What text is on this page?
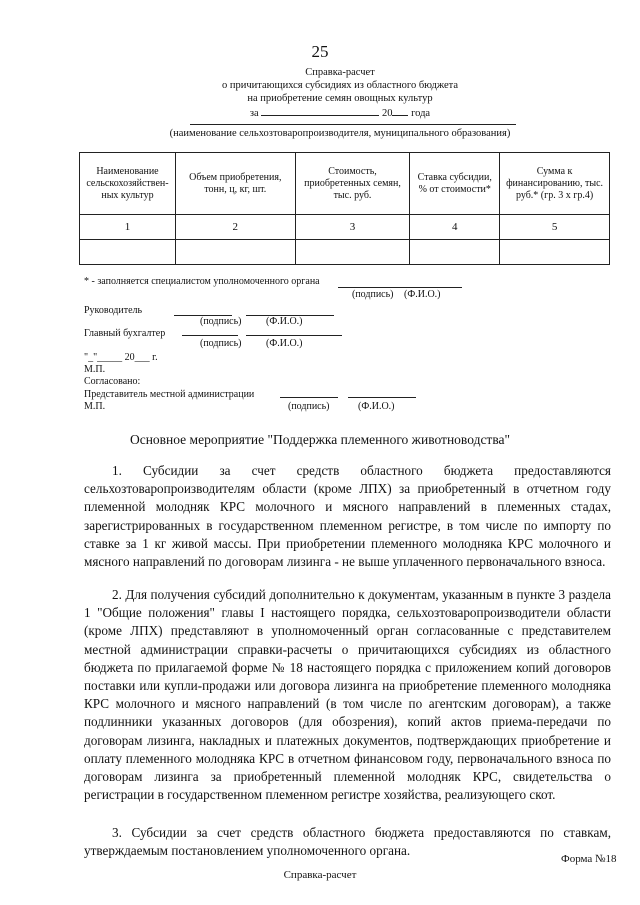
25
Справка-расчет
о причитающихся субсидиях из областного бюджета
на приобретение семян овощных культур
за	20 года
(наименование сельхозтоваропроизводителя, муниципального образования)
Наименование сельскохозяйствен-ных культур	Объем приобретения, тонн, ц, кг, шт.	Стоимость, приобретенных семян, тыс. руб.	Ставка субсидии, % от стоимости*	Сумма к финансированию, тыс. руб.* (гр. 3 х гр.4)
1	2	3	4	5

* - заполняется специалистом уполномоченного органа
(подпись) (Ф.И.О.)
Руководитель
(подпись) (Ф.И.О.)
Главный бухгалтер
(подпись) (Ф.И.О.)
"_"_____ 20___ г.
М.П.
Согласовано:
Представитель местной администрации
М.П.	(подпись)	(Ф.И.О.)
Основное мероприятие "Поддержка племенного животноводства"

1. Субсидии за счет средств областного бюджета предоставляются сельхозтоваропроизводителям области (кроме ЛПХ) за приобретенный в отчетном году племенной молодняк КРС молочного и мясного направлений в племенных стадах, зарегистрированных в государственном племенном регистре, в том числе по импорту по ставке за 1 кг живой массы. При приобретении племенного молодняка КРС молочного и мясного направлений по договорам лизинга - не выше уплаченного первоначального взноса.

2. Для получения субсидий дополнительно к документам, указанным в пункте 3 раздела 1 "Общие положения" главы I настоящего порядка, сельхозтоваропроизводители области (кроме ЛПХ) представляют в уполномоченный орган согласованные с представителем местной администрации справки-расчеты о причитающихся субсидиях из областного бюджета по прилагаемой форме № 18 настоящего порядка с приложением копий договоров поставки или купли-продажи или договора лизинга на приобретение племенного молодняка КРС молочного и мясного направлений (в том числе по агентским договорам), а также подлинники указанных договоров (для обозрения), копий актов приема-передачи по договорам лизинга, накладных и платежных документов, подтверждающих приобретение и оплату племенного молодняка КРС в отчетном финансовом году, первоначального взноса по договорам лизинга за приобретенный племенной молодняк КРС, свидетельства о регистрации в государственном племенном регистре хозяйства, реализующего скот.

3. Субсидии за счет средств областного бюджета предоставляются по ставкам, утверждаемым постановлением уполномоченного органа.

Форма №18
Справка-расчет
